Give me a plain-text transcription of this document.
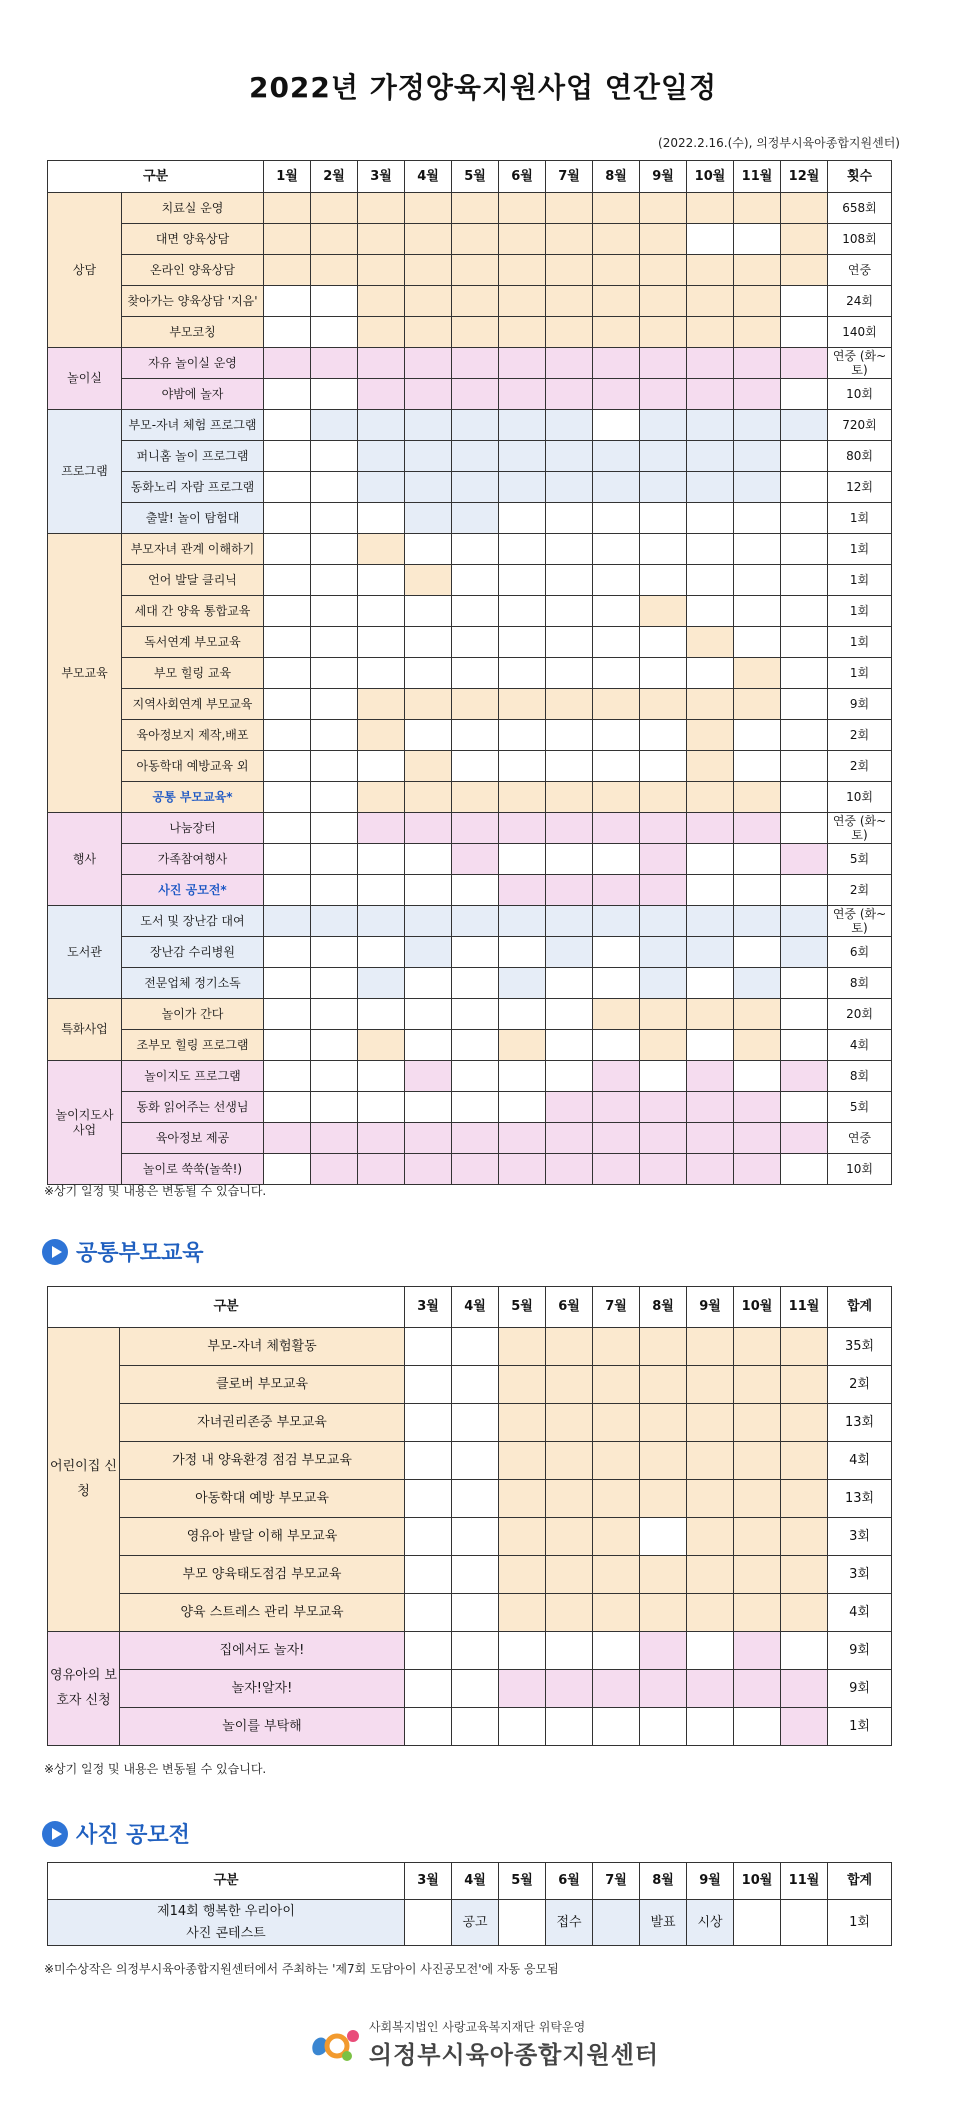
2022년 가정양육지원사업 연간일정
(2022.2.16.(수), 의정부시육아종합지원센터)
구분		1월	2월	3월	4월	5월	6월	7월	8월	9월	10월	11월	12월	횟수
상담	치료실 운영													658회
	대면 양육상담													108회
	온라인 양육상담													연중
	찾아가는 양육상담 '지음'													24회
	부모코칭													140회
놀이실	자유 놀이실 운영													연중 (화~토)
	야밤에 놀자													10회
프로그램	부모-자녀 체험 프로그램													720회
	퍼니홈 놀이 프로그램													80회
	동화노리 자람 프로그램													12회
	출발! 놀이 탐험대													1회
부모교육	부모자녀 관계 이해하기													1회
	언어 발달 클리닉													1회
	세대 간 양육 통합교육													1회
	독서연계 부모교육													1회
	부모 힐링 교육													1회
	지역사회연계 부모교육													9회
	육아정보지 제작,배포													2회
	아동학대 예방교육 외													2회
	공통 부모교육*													10회
행사	나눔장터													연중 (화~토)
	가족참여행사													5회
	사진 공모전*													2회
도서관	도서 및 장난감 대여													연중 (화~토)
	장난감 수리병원													6회
	전문업체 정기소독													8회
특화사업	놀이가 간다													20회
	조부모 힐링 프로그램													4회
놀이지도사 사업	놀이지도 프로그램													8회
	동화 읽어주는 선생님													5회
	육아정보 제공													연중
	놀이로 쑥쑥(놀쑥!)													10회
※상기 일정 및 내용은 변동될 수 있습니다.
공통부모교육
구분		3월	4월	5월	6월	7월	8월	9월	10월	11월	합계
어린이집 신청	부모-자녀 체험활동										35회
	클로버 부모교육										2회
	자녀권리존중 부모교육										13회
	가정 내 양육환경 점검 부모교육										4회
	아동학대 예방 부모교육										13회
	영유아 발달 이해 부모교육										3회
	부모 양육태도점검 부모교육										3회
	양육 스트레스 관리 부모교육										4회
영유아의 보호자 신청	집에서도 놀자!										9회
	놀자!알자!										9회
	놀이를 부탁해										1회
※상기 일정 및 내용은 변동될 수 있습니다.
사진 공모전
구분	3월	4월	5월	6월	7월	8월	9월	10월	11월	합계

제14회 행복한 우리아이
사진 콘테스트		공고		접수		발표	시상			1회
※미수상작은 의정부시육아종합지원센터에서 주최하는 '제7회 도담아이 사진공모전'에 자동 응모됨
사회복지법인 사랑교육복지재단 위탁운영
의정부시육아종합지원센터
